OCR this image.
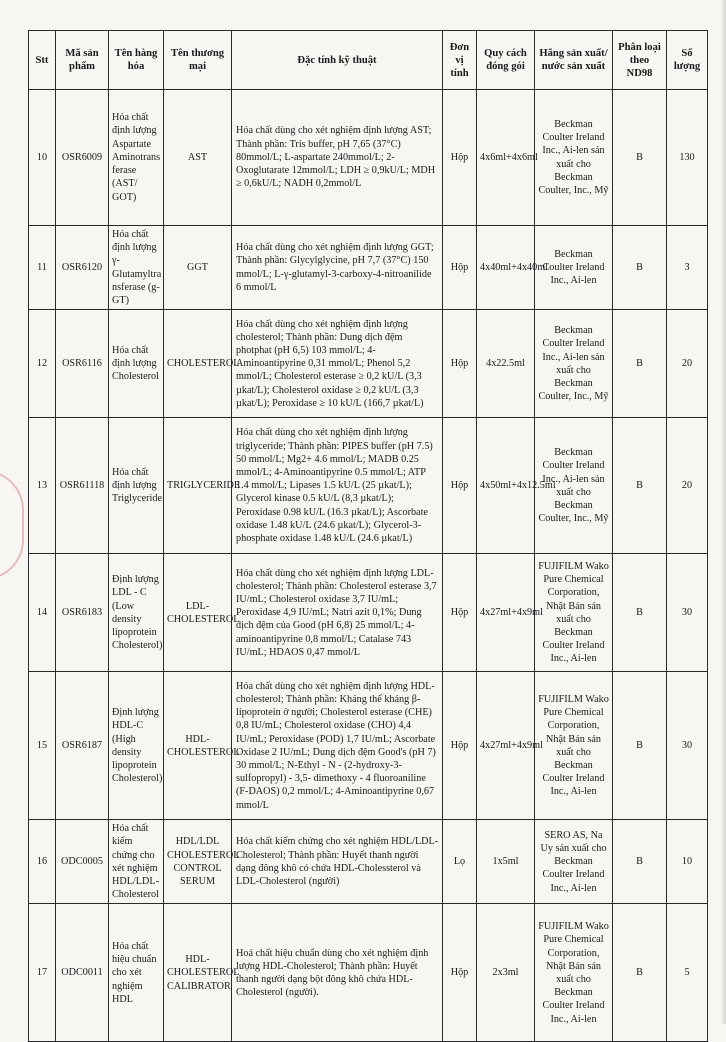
Stt	Mã sản phẩm	Tên hàng hóa	Tên thương mại	Đặc tính kỹ thuật	Đơn vị tính	Quy cách đóng gói	Hãng sản xuất/ nước sản xuất	Phân loại theo ND98	Số lượng
10	OSR6009	Hóa chất định lượng Aspartate Aminotrans ferase (AST/ GOT)	AST	Hóa chất dùng cho xét nghiệm định lượng AST; Thành phần: Tris buffer, pH 7,65 (37°C) 80mmol/L; L-aspartate 240mmol/L; 2-Oxoglutarate 12mmol/L; LDH ≥ 0,9kU/L; MDH ≥ 0,6kU/L; NADH 0,2mmol/L	Hộp	4x6ml+4x6ml	Beckman Coulter Ireland Inc., Ai-len sản xuất cho Beckman Coulter, Inc., Mỹ	B	130
11	OSR6120	Hóa chất định lượng γ-Glutamyltra nsferase (g-GT)	GGT	Hóa chất dùng cho xét nghiệm định lượng GGT; Thành phần: Glycylglycine, pH 7,7 (37°C) 150 mmol/L; L-γ-glutamyl-3-carboxy-4-nitroanilide 6 mmol/L	Hộp	4x40ml+4x40ml	Beckman Coulter Ireland Inc., Ai-len	B	3
12	OSR6116	Hóa chất định lượng Cholesterol	CHOLESTEROL	Hóa chất dùng cho xét nghiệm định lượng cholesterol; Thành phần: Dung dịch đệm photphat (pH 6,5) 103 mmol/L; 4-Aminoantipyrine 0,31 mmol/L; Phenol 5,2 mmol/L; Cholesterol esterase ≥ 0,2 kU/L (3,3 µkat/L); Cholesterol oxidase ≥ 0,2 kU/L (3,3 µkat/L); Peroxidase ≥ 10 kU/L (166,7 µkat/L)	Hộp	4x22.5ml	Beckman Coulter Ireland Inc., Ai-len sản xuất cho Beckman Coulter, Inc., Mỹ	B	20
13	OSR61118	Hóa chất định lượng Triglyceride	TRIGLYCERIDE	Hóa chất dùng cho xét nghiệm định lượng triglyceride; Thành phần: PIPES buffer (pH 7.5) 50 mmol/L; Mg2+ 4.6 mmol/L; MADB 0.25 mmol/L; 4-Aminoantipyrine 0.5 mmol/L; ATP 1.4 mmol/L; Lipases 1.5 kU/L (25 µkat/L); Glycerol kinase 0.5 kU/L (8,3 µkat/L); Peroxidase 0.98 kU/L (16.3 µkat/L); Ascorbate oxidase 1.48 kU/L (24.6 µkat/L); Glycerol-3-phosphate oxidase 1.48 kU/L (24.6 µkat/L)	Hộp	4x50ml+4x12.5ml	Beckman Coulter Ireland Inc., Ai-len sản xuất cho Beckman Coulter, Inc., Mỹ	B	20
14	OSR6183	Định lượng LDL - C (Low density lipoprotein Cholesterol)	LDL-CHOLESTEROL	Hóa chất dùng cho xét nghiệm định lượng LDL-cholesterol; Thành phần: Cholesterol esterase 3,7 IU/mL; Cholesterol oxidase 3,7 IU/mL; Peroxidase 4,9 IU/mL; Natri azit 0,1%; Dung dịch đệm của Good (pH 6,8) 25 mmol/L; 4-aminoantipyrine 0,8 mmol/L; Catalase 743 IU/mL; HDAOS 0,47 mmol/L	Hộp	4x27ml+4x9ml	FUJIFILM Wako Pure Chemical Corporation, Nhật Bản sản xuất cho Beckman Coulter Ireland Inc., Ai-len	B	30
15	OSR6187	Định lượng HDL-C (High density lipoprotein Cholesterol)	HDL-CHOLESTEROL	Hóa chất dùng cho xét nghiệm định lượng HDL-cholesterol; Thành phần: Kháng thể kháng β-lipoprotein ở người; Cholesterol esterase (CHE) 0,8 IU/mL; Cholesterol oxidase (CHO) 4,4 IU/mL; Peroxidase (POD) 1,7 IU/mL; Ascorbate Oxidase 2 IU/mL; Dung dịch đệm Good's (pH 7) 30 mmol/L; N-Ethyl - N - (2-hydroxy-3-sulfopropyl) - 3,5- dimethoxy - 4 fluoroaniline (F-DAOS) 0,2 mmol/L; 4-Aminoantipyrine 0,67 mmol/L	Hộp	4x27ml+4x9ml	FUJIFILM Wako Pure Chemical Corporation, Nhật Bản sản xuất cho Beckman Coulter Ireland Inc., Ai-len	B	30
16	ODC0005	Hóa chất kiểm chứng cho xét nghiệm HDL/LDL-Cholesterol	HDL/LDL CHOLESTEROL CONTROL SERUM	Hóa chất kiểm chứng cho xét nghiệm HDL/LDL-Cholesterol; Thành phần: Huyết thanh người dạng đông khô có chứa HDL-Cholessterol và LDL-Cholesterol (người)	Lọ	1x5ml	SERO AS, Na Uy sản xuất cho Beckman Coulter Ireland Inc., Ai-len	B	10
17	ODC0011	Hóa chất hiệu chuẩn cho xét nghiệm HDL	HDL-CHOLESTEROL CALIBRATOR	Hoá chất hiệu chuẩn dùng cho xét nghiệm định lượng HDL-Cholesterol; Thành phần: Huyết thanh người dạng bột đông khô chứa HDL-Cholesterol (người).	Hộp	2x3ml	FUJIFILM Wako Pure Chemical Corporation, Nhật Bản sản xuất cho Beckman Coulter Ireland Inc., Ai-len	B	5
